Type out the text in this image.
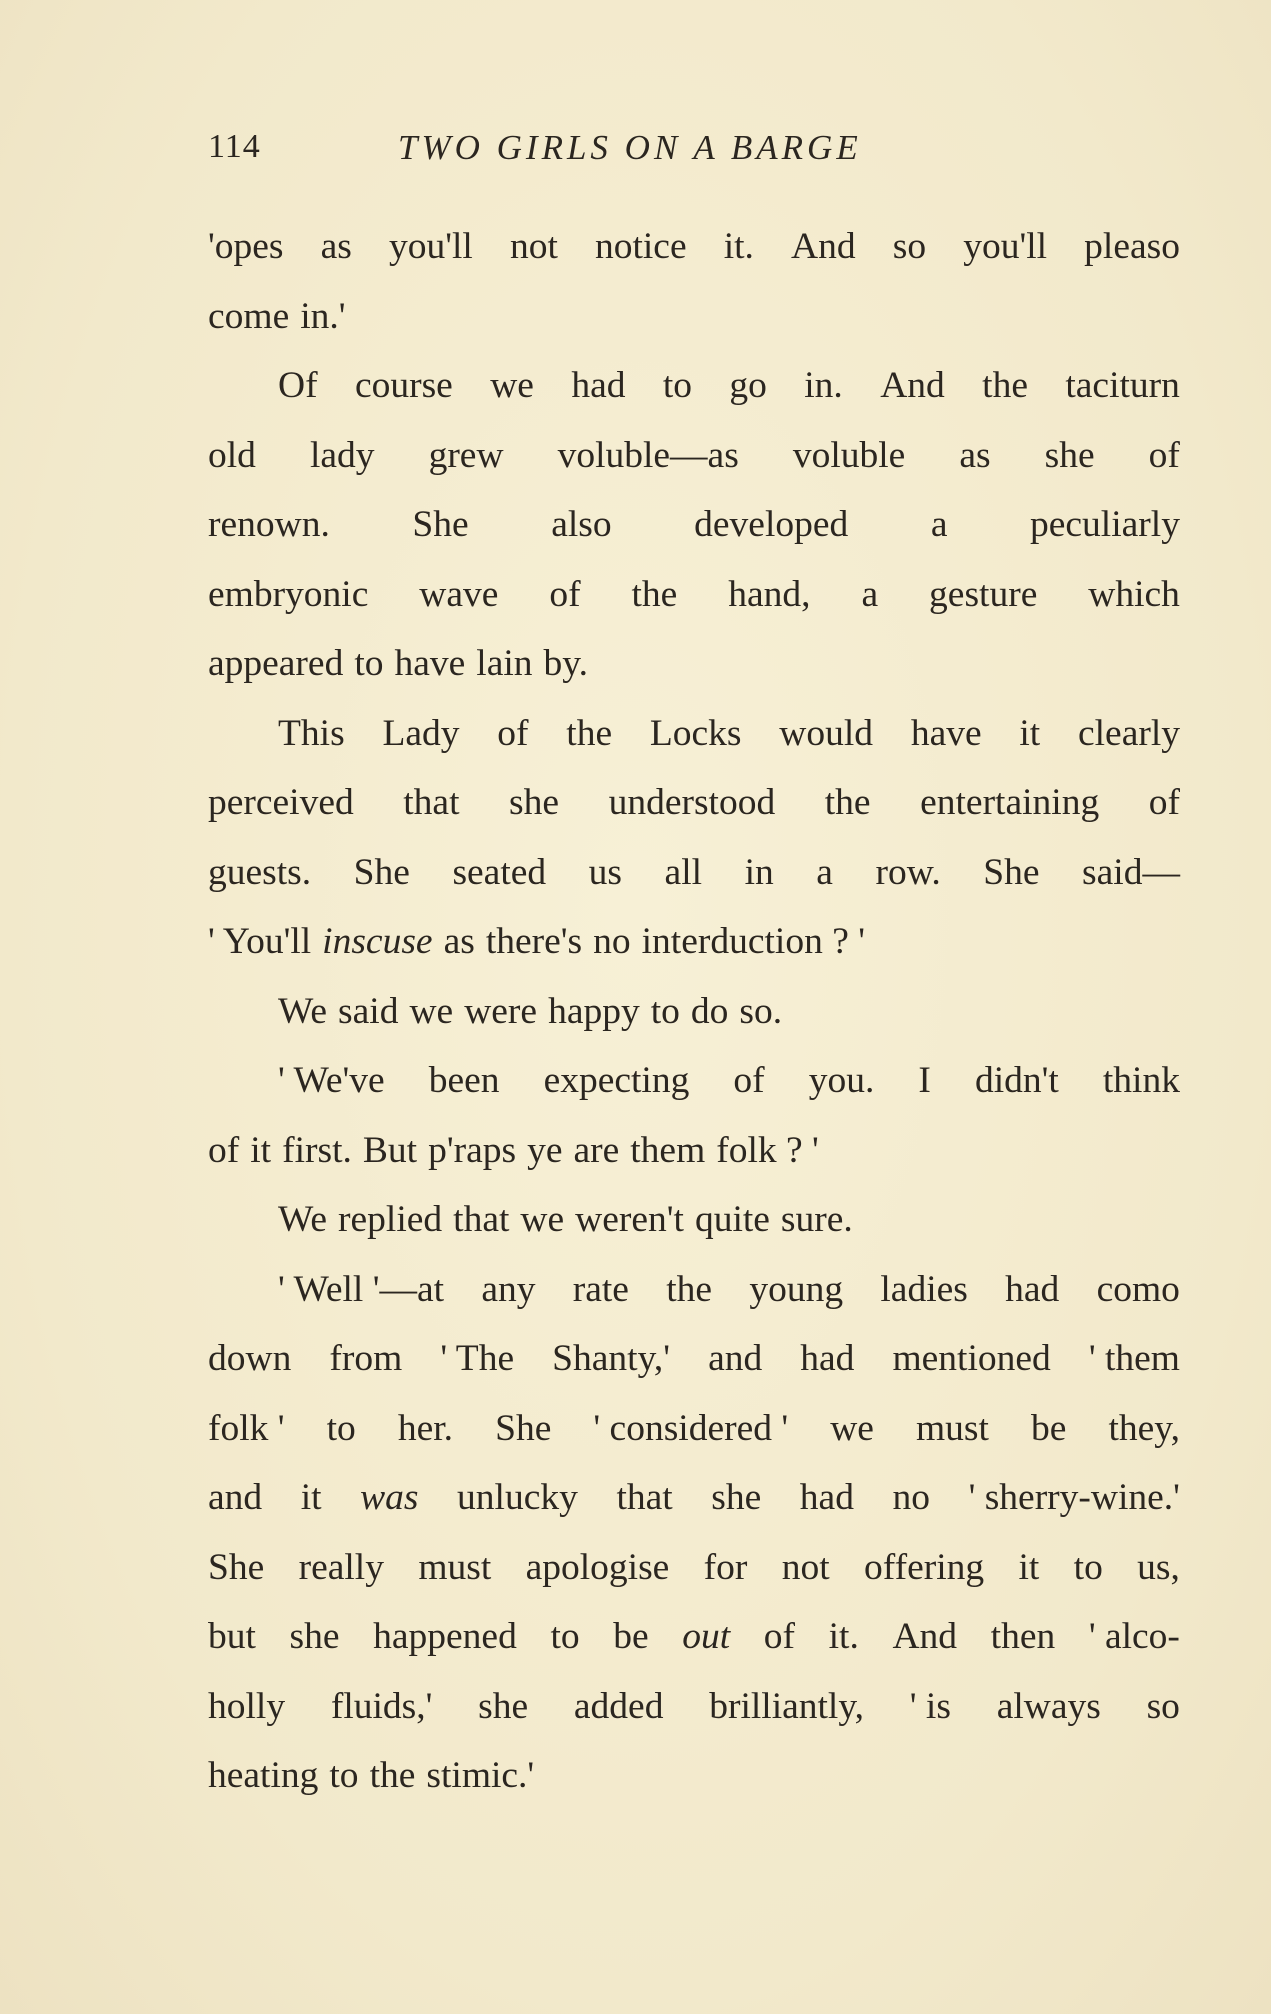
114	TWO GIRLS ON A BARGE
'opes as you'll not notice it. And so you'll pleaso
come in.'
Of course we had to go in. And the taciturn
old lady grew voluble—as voluble as she of
renown. She also developed a peculiarly
embryonic wave of the hand, a gesture which
appeared to have lain by.
This Lady of the Locks would have it clearly
perceived that she understood the entertaining of
guests. She seated us all in a row. She said—
' You'll inscuse as there's no interduction ? '
We said we were happy to do so.
' We've been expecting of you. I didn't think
of it first. But p'raps ye are them folk ? '
We replied that we weren't quite sure.
' Well '—at any rate the young ladies had como
down from ' The Shanty,' and had mentioned ' them
folk ' to her. She ' considered ' we must be they,
and it was unlucky that she had no ' sherry-wine.'
She really must apologise for not offering it to us,
but she happened to be out of it. And then ' alco-
holly fluids,' she added brilliantly, ' is always so
heating to the stimic.'
